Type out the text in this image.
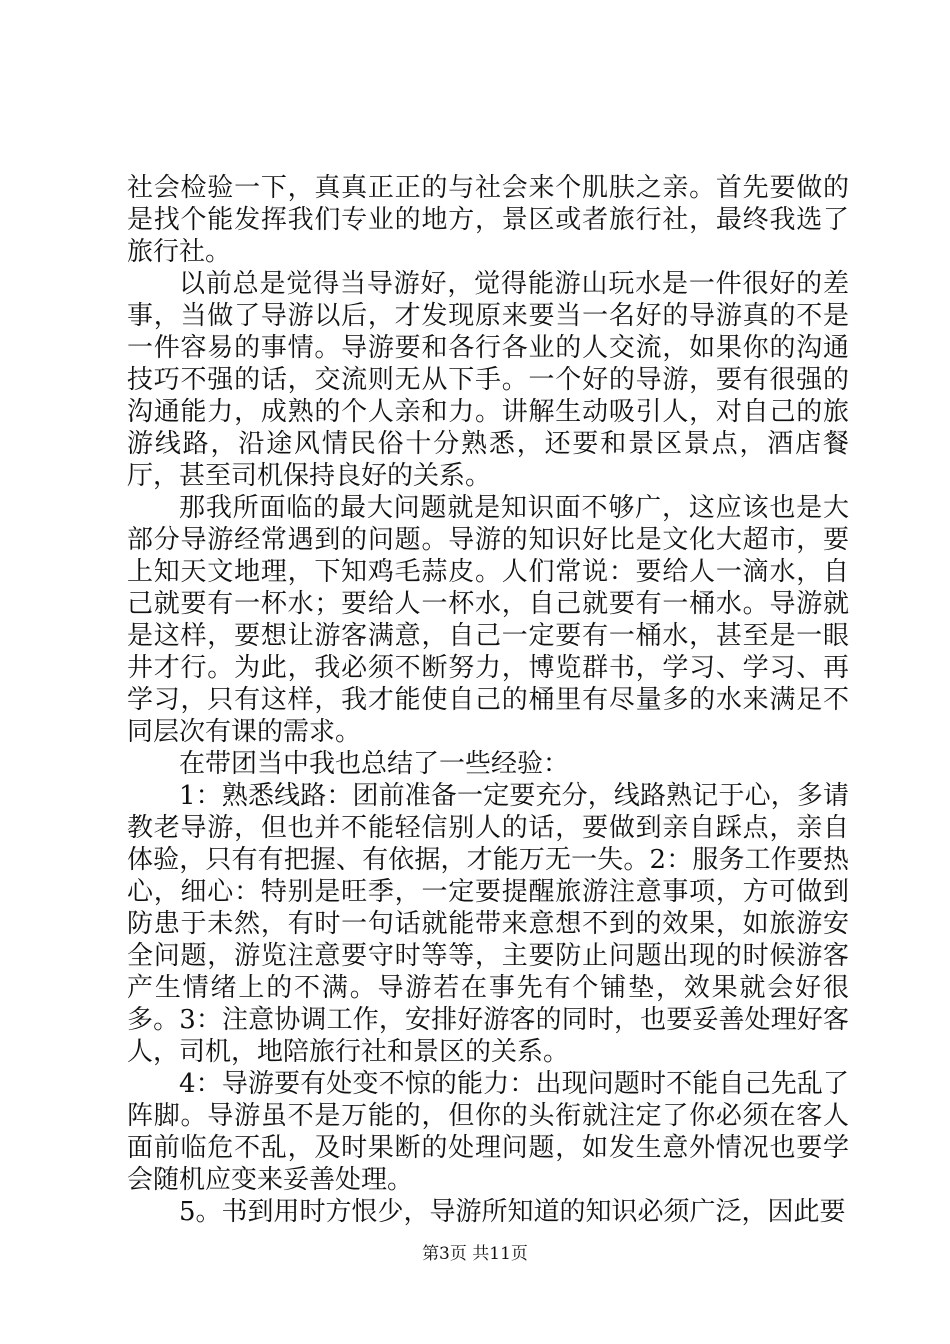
社会检验一下，真真正正的与社会来个肌肤之亲。首先要做的是找个能发挥我们专业的地方，景区或者旅行社，最终我选了旅行社。

以前总是觉得当导游好，觉得能游山玩水是一件很好的差事，当做了导游以后，才发现原来要当一名好的导游真的不是一件容易的事情。导游要和各行各业的人交流，如果你的沟通技巧不强的话，交流则无从下手。一个好的导游，要有很强的沟通能力，成熟的个人亲和力。讲解生动吸引人，对自己的旅游线路，沿途风情民俗十分熟悉，还要和景区景点，酒店餐厅，甚至司机保持良好的关系。

那我所面临的最大问题就是知识面不够广，这应该也是大部分导游经常遇到的问题。导游的知识好比是文化大超市，要上知天文地理，下知鸡毛蒜皮。人们常说：要给人一滴水，自己就要有一杯水；要给人一杯水，自己就要有一桶水。导游就是这样，要想让游客满意，自己一定要有一桶水，甚至是一眼井才行。为此，我必须不断努力，博览群书，学习、学习、再学习，只有这样，我才能使自己的桶里有尽量多的水来满足不同层次有课的需求。

在带团当中我也总结了一些经验：

1：熟悉线路：团前准备一定要充分，线路熟记于心，多请教老导游，但也并不能轻信别人的话，要做到亲自踩点，亲自体验，只有有把握、有依据，才能万无一失。2：服务工作要热心，细心：特别是旺季，一定要提醒旅游注意事项，方可做到防患于未然，有时一句话就能带来意想不到的效果，如旅游安全问题，游览注意要守时等等，主要防止问题出现的时候游客产生情绪上的不满。导游若在事先有个铺垫，效果就会好很多。3：注意协调工作，安排好游客的同时，也要妥善处理好客人，司机，地陪旅行社和景区的关系。

4：导游要有处变不惊的能力：出现问题时不能自己先乱了阵脚。导游虽不是万能的，但你的头衔就注定了你必须在客人面前临危不乱，及时果断的处理问题，如发生意外情况也要学会随机应变来妥善处理。

5。书到用时方恨少，导游所知道的知识必须广泛，因此要

第3页 共11页
